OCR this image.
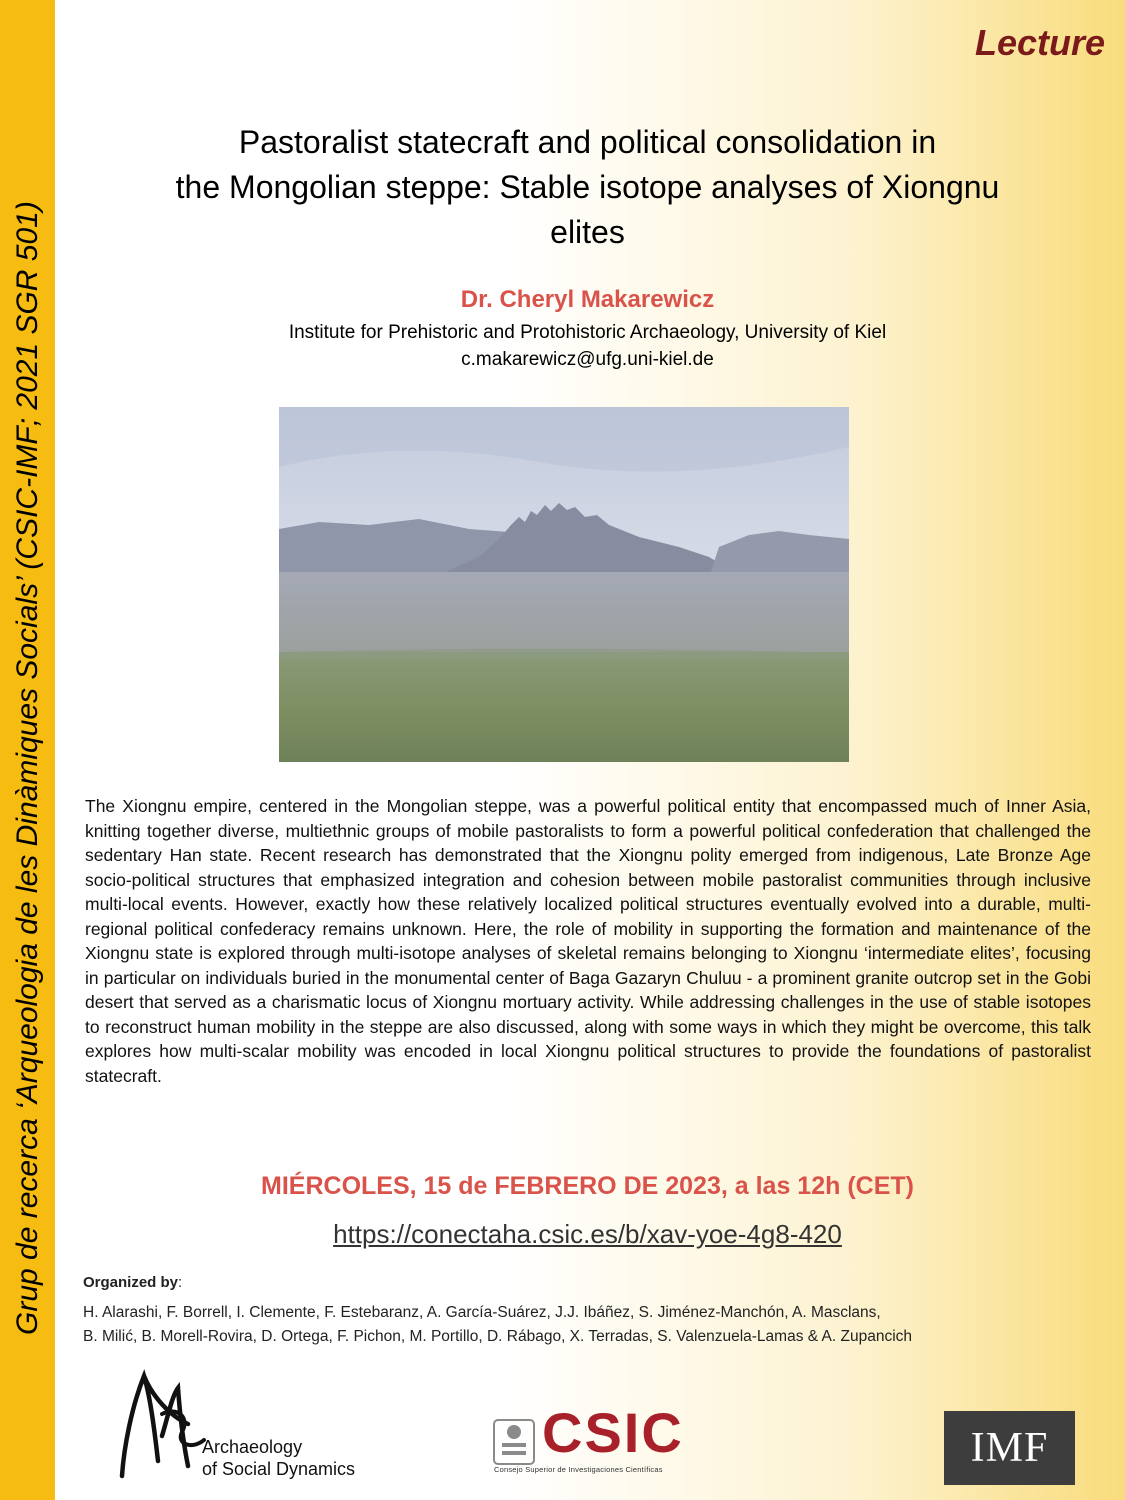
Grup de recerca ‘Arqueologia de les Dinàmiques Socials’ (CSIC-IMF; 2021 SGR 501)
Lecture
Pastoralist statecraft and political consolidation in
the Mongolian steppe: Stable isotope analyses of Xiongnu
elites
Dr. Cheryl Makarewicz
Institute for Prehistoric and Protohistoric Archaeology, University of Kiel
c.makarewicz@ufg.uni-kiel.de
The Xiongnu empire, centered in the Mongolian steppe, was a powerful political entity that encompassed much of Inner Asia, knitting together diverse, multiethnic groups of mobile pastoralists to form a powerful political confederation that challenged the sedentary Han state. Recent research has demonstrated that the Xiongnu polity emerged from indigenous, Late Bronze Age socio-political structures that emphasized integration and cohesion between mobile pastoralist communities through inclusive multi-local events. However, exactly how these relatively localized political structures eventually evolved into a durable, multi-regional political confederacy remains unknown. Here, the role of mobility in supporting the formation and maintenance of the Xiongnu state is explored through multi-isotope analyses of skeletal remains belonging to Xiongnu ‘intermediate elites’, focusing in particular on individuals buried in the monumental center of Baga Gazaryn Chuluu - a prominent granite outcrop set in the Gobi desert that served as a charismatic locus of Xiongnu mortuary activity. While addressing challenges in the use of stable isotopes to reconstruct human mobility in the steppe are also discussed, along with some ways in which they might be overcome, this talk explores how multi-scalar mobility was encoded in local Xiongnu political structures to provide the foundations of pastoralist statecraft.
MIÉRCOLES, 15 de FEBRERO DE 2023, a las 12h (CET)
https://conectaha.csic.es/b/xav-yoe-4g8-420
Organized by:
H. Alarashi, F. Borrell, I. Clemente, F. Estebaranz, A. García-Suárez, J.J. Ibáñez, S. Jiménez-Manchón, A. Masclans,
B. Milić, B. Morell-Rovira, D. Ortega, F. Pichon, M. Portillo, D. Rábago, X. Terradas, S. Valenzuela-Lamas & A. Zupancich
Archaeology
of Social Dynamics
CSIC
Consejo Superior de Investigaciones Científicas	IMF
